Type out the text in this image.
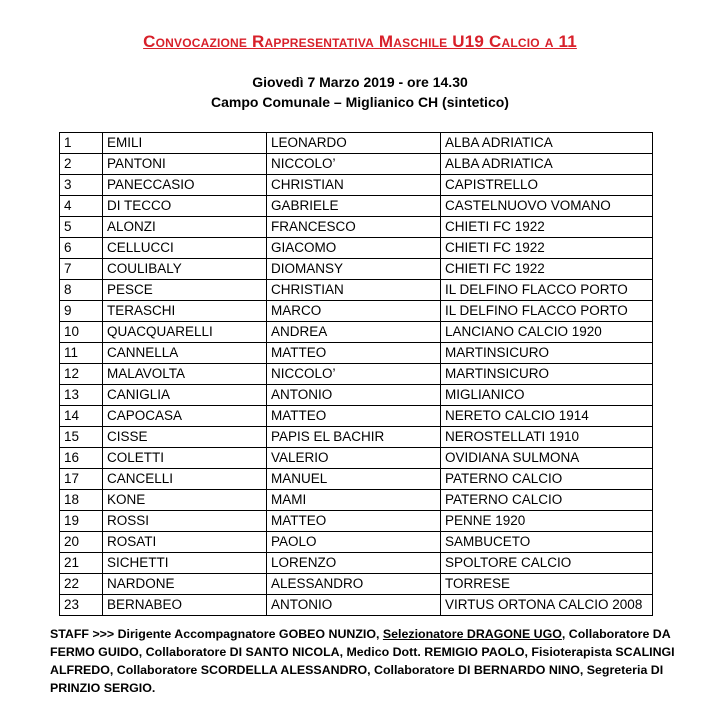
Convocazione Rappresentativa Maschile U19 Calcio a 11
Giovedì 7 Marzo 2019 - ore 14.30
Campo Comunale – Miglianico CH (sintetico)
1	EMILI	LEONARDO	ALBA ADRIATICA
2	PANTONI	NICCOLO’	ALBA ADRIATICA
3	PANECCASIO	CHRISTIAN	CAPISTRELLO
4	DI TECCO	GABRIELE	CASTELNUOVO VOMANO
5	ALONZI	FRANCESCO	CHIETI FC 1922
6	CELLUCCI	GIACOMO	CHIETI FC 1922
7	COULIBALY	DIOMANSY	CHIETI FC 1922
8	PESCE	CHRISTIAN	IL DELFINO FLACCO PORTO
9	TERASCHI	MARCO	IL DELFINO FLACCO PORTO
10	QUACQUARELLI	ANDREA	LANCIANO CALCIO 1920
11	CANNELLA	MATTEO	MARTINSICURO
12	MALAVOLTA	NICCOLO’	MARTINSICURO
13	CANIGLIA	ANTONIO	MIGLIANICO
14	CAPOCASA	MATTEO	NERETO CALCIO 1914
15	CISSE	PAPIS EL BACHIR	NEROSTELLATI 1910
16	COLETTI	VALERIO	OVIDIANA SULMONA
17	CANCELLI	MANUEL	PATERNO CALCIO
18	KONE	MAMI	PATERNO CALCIO
19	ROSSI	MATTEO	PENNE 1920
20	ROSATI	PAOLO	SAMBUCETO
21	SICHETTI	LORENZO	SPOLTORE CALCIO
22	NARDONE	ALESSANDRO	TORRESE
23	BERNABEO	ANTONIO	VIRTUS ORTONA CALCIO 2008
STAFF >>> Dirigente Accompagnatore GOBEO NUNZIO, Selezionatore DRAGONE UGO, Collaboratore DA FERMO GUIDO, Collaboratore DI SANTO NICOLA, Medico Dott. REMIGIO PAOLO, Fisioterapista SCALINGI ALFREDO, Collaboratore SCORDELLA ALESSANDRO, Collaboratore DI BERNARDO NINO, Segreteria DI PRINZIO SERGIO.
